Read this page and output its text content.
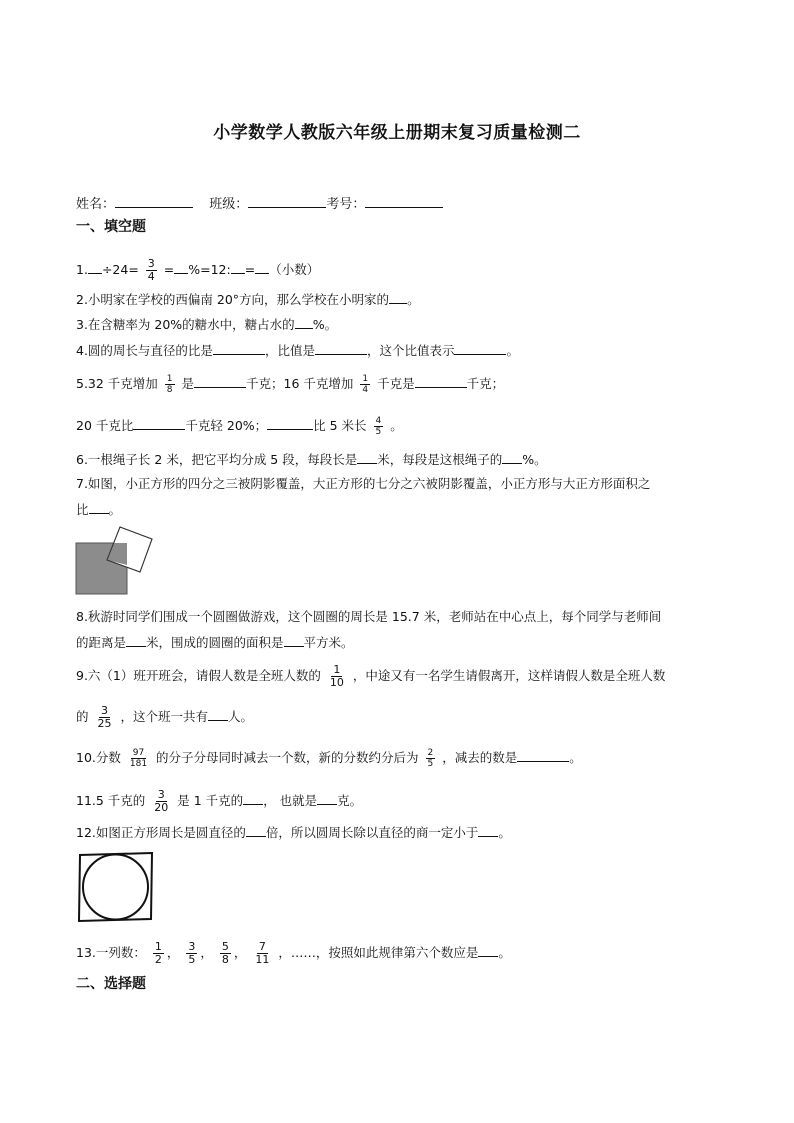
小学数学人教版六年级上册期末复习质量检测二
姓名：	班级：	考号：
一、填空题
1. $\div 24= \frac{3}{4} = \%=12$: = （小数）
2.小明家在学校的西偏南 20°方向，那么学校在小明家的 。
3.在含糖率为 20%的糖水中，糖占水的 %。
4.圆的周长与直径的比是	，比值是	，这个比值表示	。
5.32 千克增加 $\frac{1}{8}$ 是	千克；16 千克增加 $\frac{1}{4}$ 千克是	千克；
20 千克比	千克轻 20%；	比 5 米长 $\frac{4}{5}$ 。
6.一根绳子长 2 米，把它平均分成 5 段，每段长是 米，每段是这根绳子的 %。
7.如图，小正方形的四分之三被阴影覆盖，大正方形的七分之六被阴影覆盖，小正方形与大正方形面积之
比 。
8.秋游时同学们围成一个圆圈做游戏，这个圆圈的周长是 15.7 米，老师站在中心点上，每个同学与老师间
的距离是 米，围成的圆圈的面积是 平方米。
9.六（1）班开班会，请假人数是全班人数的 $\frac{1}{10}$ ，中途又有一名学生请假离开，这样请假人数是全班人数
的 $\frac{3}{25}$ ，这个班一共有 人。
10.分数 $\frac{97}{181}$ 的分子分母同时减去一个数，新的分数约分后为 $\frac{2}{5}$ ，减去的数是	。
11.5 千克的 $\frac{3}{20}$ 是 1 千克的 ， 也就是 克。
12.如图正方形周长是圆直径的 倍，所以圆周长除以直径的商一定小于 。
13.一列数： $\frac{1}{2}$ ， $\frac{3}{5}$ ， $\frac{5}{8}$ ， $\frac{7}{11}$ ，……，按照如此规律第六个数应是 。
二、选择题
